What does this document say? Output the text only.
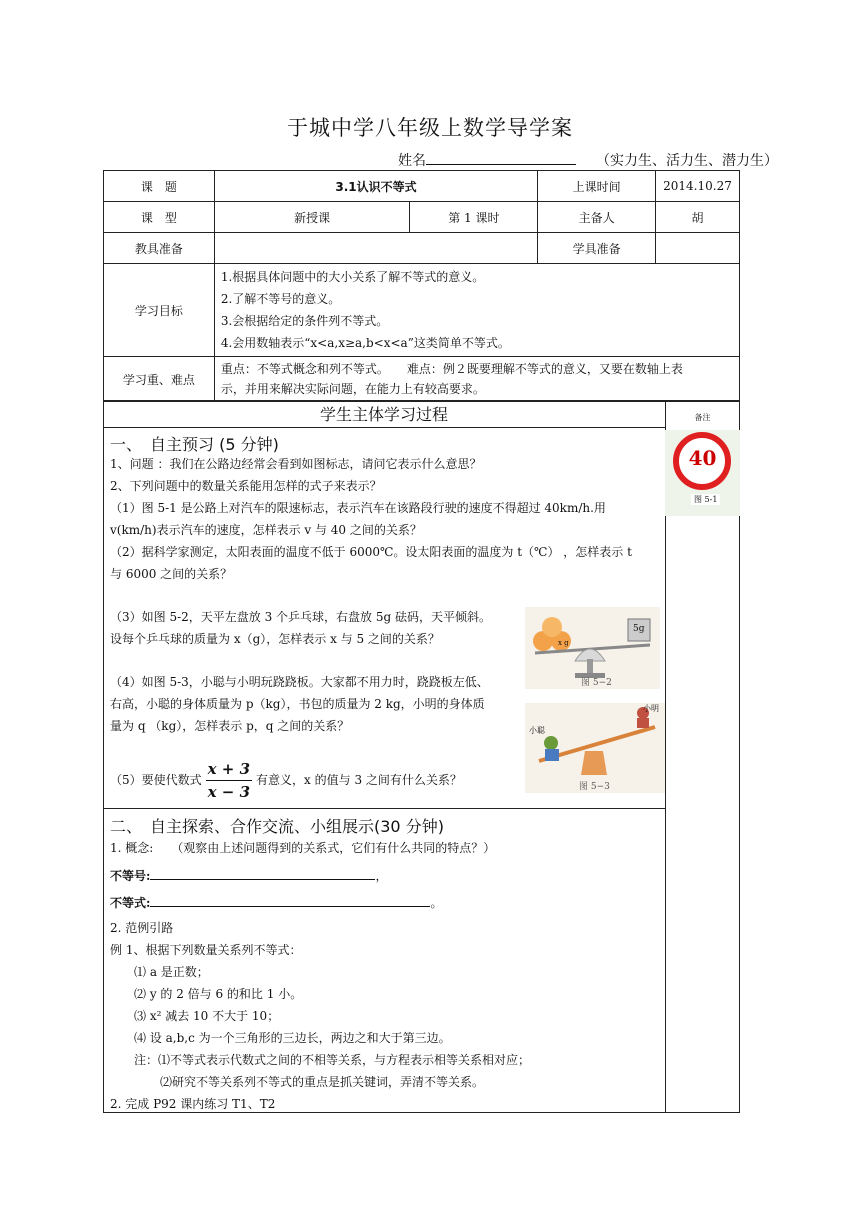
于城中学八年级上数学导学案
姓名	（实力生、活力生、潜力生）
课　题	3.1认识不等式		上课时间	2014.10.27
课　型	新授课	第 1 课时	主备人	胡
教具准备			学具准备	
学习目标	1.根据具体问题中的大小关系了解不等式的意义。
2.了解不等号的意义。
3.会根据给定的条件列不等式。
4.会用数轴表示“x<a,x≥a,b<x<a”这类简单不等式。			

学习重、难点	重点：不等式概念和列不等式。　　难点：例２既要理解不等式的意义，又要在数轴上表
示，并用来解决实际问题，在能力上有较高要求。			
学生主体学习过程	备注
40
图 5-1
一、　自主预习 (5 分钟)
1、问题 ：我们在公路边经常会看到如图标志，请问它表示什么意思？
2、下列问题中的数量关系能用怎样的式子来表示？
（1）图 5-1 是公路上对汽车的限速标志，表示汽车在该路段行驶的速度不得超过 40km/h.用
v(km/h)表示汽车的速度，怎样表示 v 与 40 之间的关系？
（2）据科学家测定，太阳表面的温度不低于 6000℃。设太阳表面的温度为 t（℃） ，怎样表示 t
与 6000 之间的关系？
（3）如图 5-2，天平左盘放 3 个乒乓球，右盘放 5g 砝码，天平倾斜。
设每个乒乓球的质量为 x（g），怎样表示 x 与 5 之间的关系？
（4）如图 5-3，小聪与小明玩跷跷板。大家都不用力时，跷跷板左低、
右高，小聪的身体质量为 p（kg），书包的质量为 2 kg，小明的身体质
量为 q （kg），怎样表示 p，q 之间的关系？
（5）要使代数式 $\frac{x + 3}{x - 3}$ 有意义，x 的值与 3 之间有什么关系？
x g
5g
图 5−2
小聪
小明
图 5−3
二、　自主探索、合作交流、小组展示(30 分钟)
1. 概念:　　（观察由上述问题得到的关系式，它们有什么共同的特点？）
不等号:	，
不等式:	。
2. 范例引路
例 1、根据下列数量关系列不等式：
⑴ a 是正数；
⑵ y 的 2 倍与 6 的和比 1 小。
⑶ x² 减去 10 不大于 10；
⑷ 设 a,b,c 为一个三角形的三边长，两边之和大于第三边。
注：⑴不等式表示代数式之间的不相等关系，与方程表示相等关系相对应；
⑵研究不等关系列不等式的重点是抓关键词，弄清不等关系。
2. 完成 P92 课内练习 T1、T2
